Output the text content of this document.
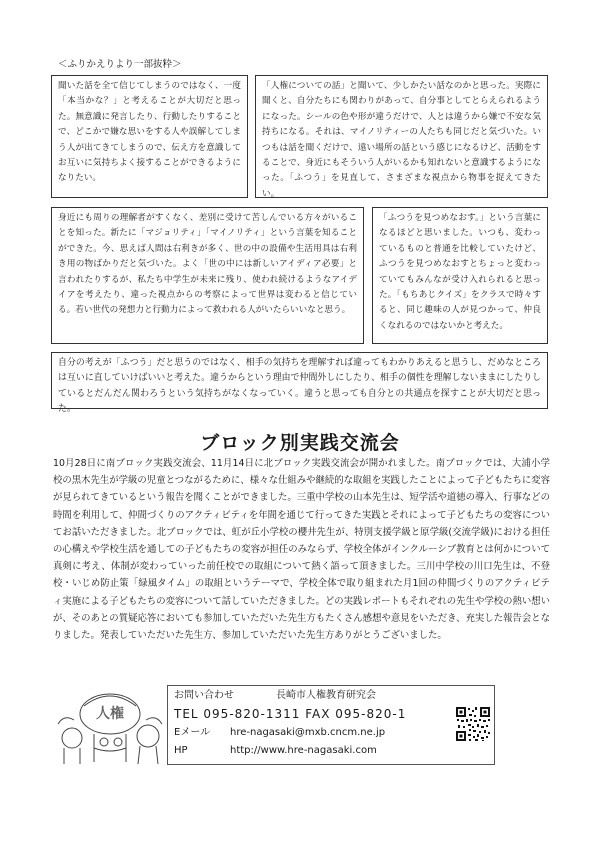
＜ふりかえりより一部抜粋＞
聞いた話を全て信じてしまうのではなく、一度「本当かな？」と考えることが大切だと思った。無意識に発言したり、行動したりすることで、どこかで嫌な思いをする人や誤解してしまう人が出てきてしまうので、伝え方を意識してお互いに気持ちよく接することができるようになりたい。
「人権についての話」と聞いて、少しかたい話なのかと思った。実際に聞くと、自分たちにも関わりがあって、自分事としてとらえられるようになった。シールの色や形が違うだけで、人とは違うから嫌で不安な気持ちになる。それは、マイノリティーの人たちも同じだと気づいた。いつもは話を聞くだけで、遠い場所の話という感じになるけど、活動をすることで、身近にもそういう人がいるかも知れないと意識するようになった。「ふつう」を見直して、さまざまな視点から物事を捉えてきたい。
身近にも周りの理解者がすくなく、差別に受けて苦しんでいる方々がいることを知った。新たに「マジョリティ」「マイノリティ」という言葉を知ることができた。今、思えば人間は右利きが多く、世の中の設備や生活用具は右利き用の物ばかりだと気づいた。よく「世の中には新しいアイディア必要」と言われたりするが、私たち中学生が未来に残り、使われ続けるようなアイデイアを考えたり、違った視点からの考察によって世界は変わると信じている。若い世代の発想力と行動力によって救われる人がいたらいいなと思う。
「ふつうを見つめなおす。」という言葉になるほどと思いました。いつも、変わっているものと普通を比較していたけど、ふつうを見つめなおすとちょっと変わっていてもみんなが受け入れられると思った。「もちあじクイズ」をクラスで時々すると、同じ趣味の人が見つかって、仲良くなれるのではないかと考えた。
自分の考えが「ふつう」だと思うのではなく、相手の気持ちを理解すれば違ってもわかりあえると思うし、だめなところは互いに直していけばいいと考えた。違うからという理由で仲間外しにしたり、相手の個性を理解しないままにしたりしているとだんだん関わろうという気持ちがなくなっていく。違うと思っても自分との共通点を探すことが大切だと思った。
ブロック別実践交流会
10月28日に南ブロック実践交流会、11月14日に北ブロック実践交流会が開かれました。南ブロックでは、大浦小学校の黒木先生が学級の児童とつながるために、様々な仕組みや継続的な取組を実践したことによって子どもたちに変容が見られてきているという報告を聞くことができました。三重中学校の山本先生は、短学活や道徳の導入、行事などの時間を利用して、仲間づくりのアクティビティを年間を通じて行ってきた実践とそれによって子どもたちの変容についてお話いただきました。北ブロックでは、虹が丘小学校の櫻井先生が、特別支援学級と原学級(交流学級)における担任の心構えや学校生活を通しての子どもたちの変容が担任のみならず、学校全体がインクルーシブ教育とは何かについて真剣に考え、体制が変わっていった前任校での取組について熱く語って頂きました。三川中学校の川口先生は、不登校・いじめ防止策「緑風タイム」の取組というテーマで、学校全体で取り組まれた月1回の仲間づくりのアクティビティ実施による子どもたちの変容について話していただきました。どの実践レポートもそれぞれの先生や学校の熱い想いが、そのあとの質疑応答においても参加していただいた先生方もたくさん感想や意見をいただき、充実した報告会となりました。発表していただいた先生方、参加していただいた先生方ありがとうございました。
人権
お問い合わせ	長崎市人権教育研究会
TEL 095-820-1311 FAX 095-820-1
Eメール hre-nagasaki@mxb.cncm.ne.jp
HP	http://www.hre-nagasaki.com
